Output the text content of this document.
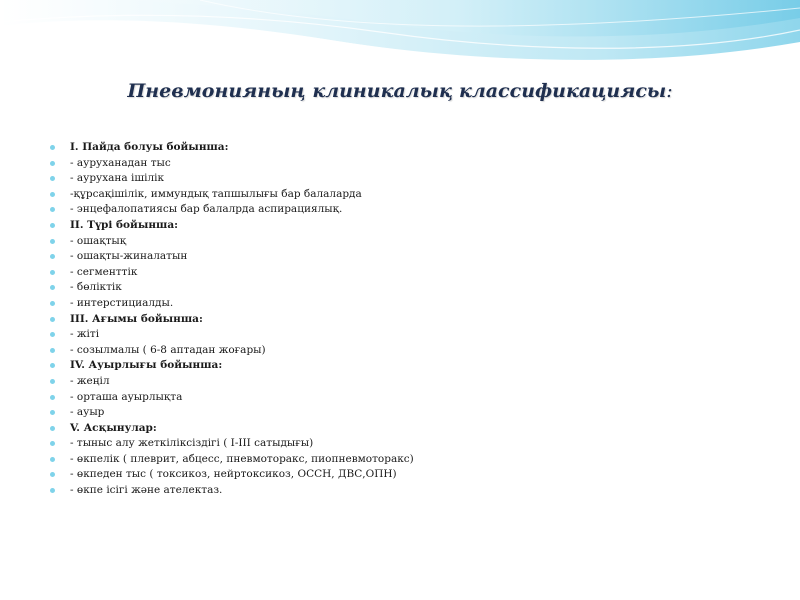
Пневмонияның клиникалық классификациясы:
I. Пайда болуы бойынша:
- ауруханадан тыс
- аурухана ішілік
-құрсақішілік, иммундық тапшылығы бар балаларда
- энцефалопатиясы бар балалрда аспирациялық.
II. Түрі бойынша:
- ошақтық
- ошақты-жиналатын
- сегменттік
- бөліктік
- интерстициалды.
III. Ағымы бойынша:
- жіті
- созылмалы ( 6-8 аптадан жоғары)
IV. Ауырлығы бойынша:
- жеңіл
- орташа ауырлықта
- ауыр
V. Асқынулар:
- тыныс алу жеткіліксіздігі ( I-III сатыдығы)
- өкпелік ( плеврит, абцесс, пневмоторакс, пиопневмоторакс)
- өкпеден тыс ( токсикоз, нейртоксикоз, ОССН, ДВС,ОПН)
- өкпе ісігі және ателектаз.
